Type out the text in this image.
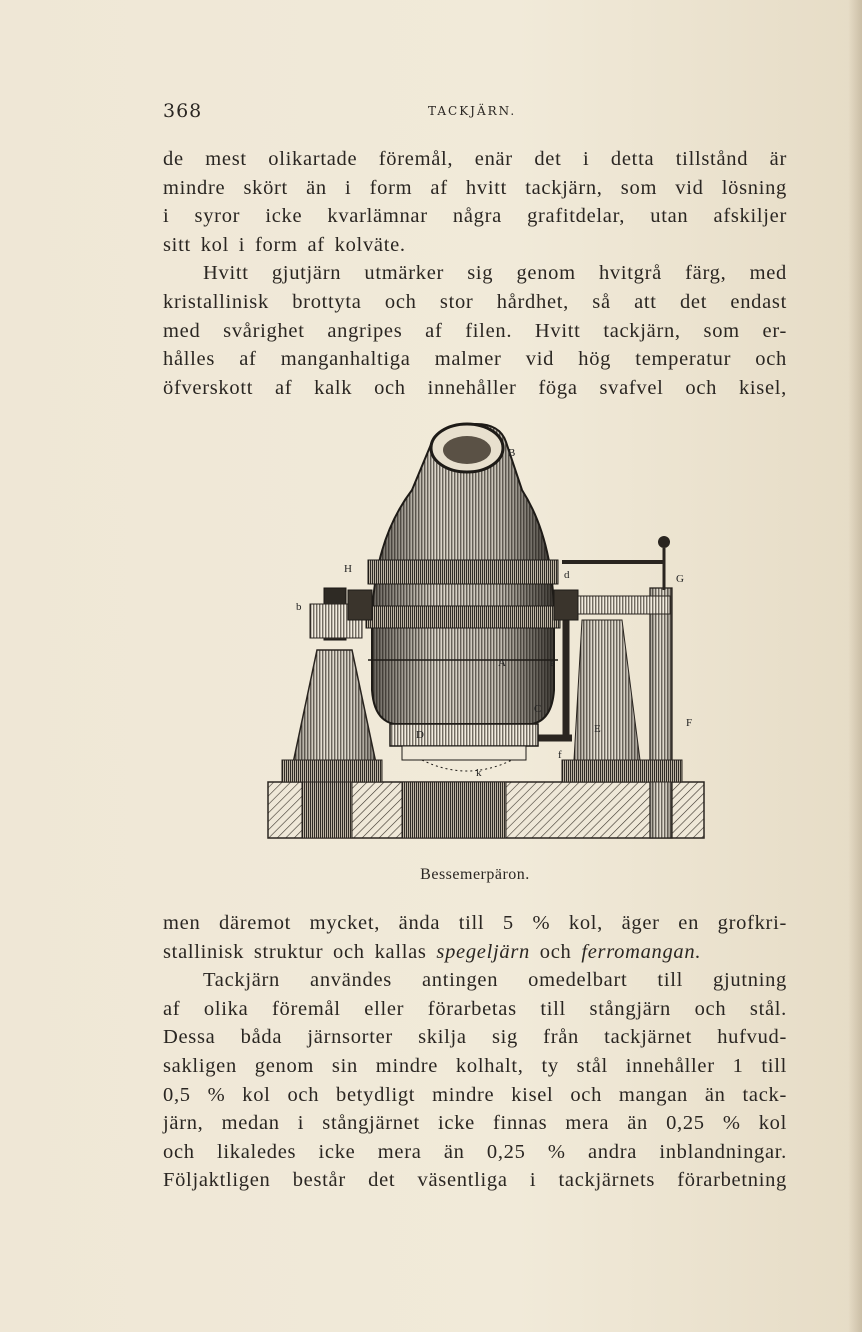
368	TACKJÄRN.
de mest olikartade föremål, enär det i detta tillstånd är
mindre skört än i form af hvitt tackjärn, som vid lösning
i syror icke kvarlämnar några grafitdelar, utan afskiljer
sitt kol i form af kolväte.
Hvitt gjutjärn utmärker sig genom hvitgrå färg, med
kristallinisk brottyta och stor hårdhet, så att det endast
med svårighet angripes af filen. Hvitt tackjärn, som er-
hålles af manganhaltiga malmer vid hög temperatur och
öfverskott af kalk och innehåller föga svafvel och kisel,
B
H
b
d	G
A	e
C
D	E	F
f
k
Bessemerpäron.
men däremot mycket, ända till 5 % kol, äger en grofkri-
stallinisk struktur och kallas spegeljärn och ferromangan.
Tackjärn användes antingen omedelbart till gjutning
af olika föremål eller förarbetas till stångjärn och stål.
Dessa båda järnsorter skilja sig från tackjärnet hufvud-
sakligen genom sin mindre kolhalt, ty stål innehåller 1 till
0,5 % kol och betydligt mindre kisel och mangan än tack-
järn, medan i stångjärnet icke finnas mera än 0,25 % kol
och likaledes icke mera än 0,25 % andra inblandningar.
Följaktligen består det väsentliga i tackjärnets förarbetning
